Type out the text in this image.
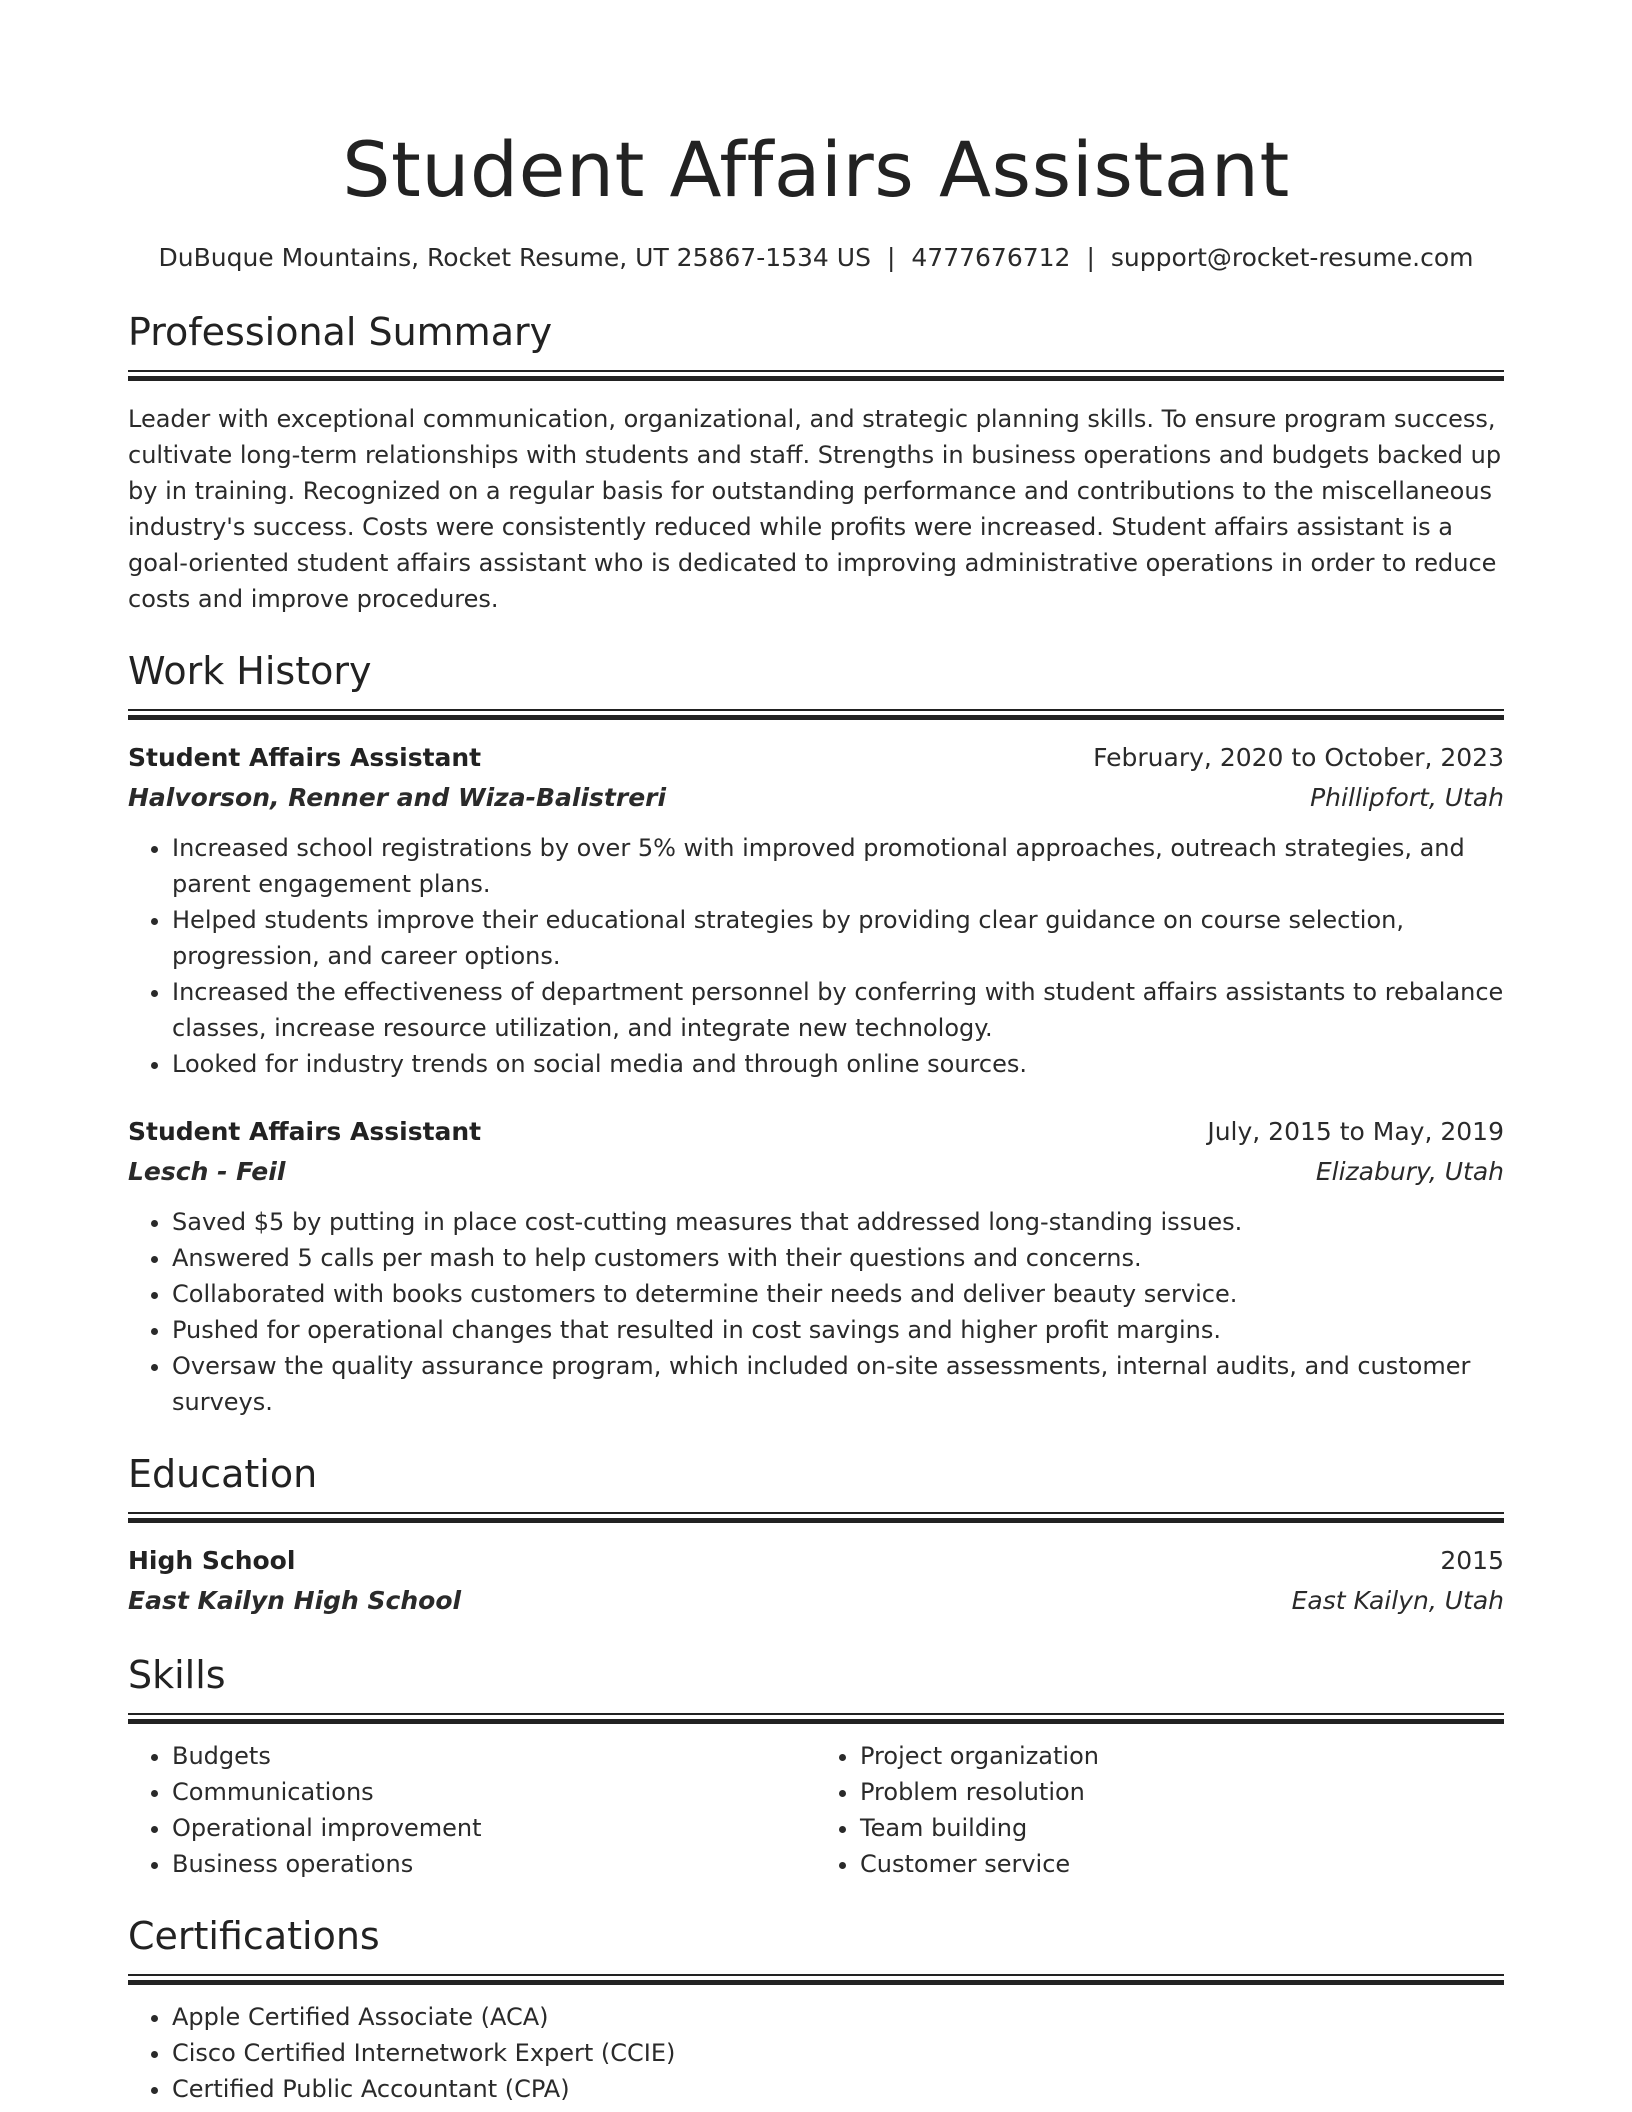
Student Affairs Assistant
DuBuque Mountains, Rocket Resume, UT 25867-1534 US | 4777676712 | support@rocket-resume.com
Professional Summary
Leader with exceptional communication, organizational, and strategic planning skills. To ensure program success, cultivate long-term relationships with students and staff. Strengths in business operations and budgets backed up by in training. Recognized on a regular basis for outstanding performance and contributions to the miscellaneous industry's success. Costs were consistently reduced while profits were increased. Student affairs assistant is a goal-oriented student affairs assistant who is dedicated to improving administrative operations in order to reduce costs and improve procedures.
Work History
Student Affairs Assistant	February, 2020 to October, 2023
Halvorson, Renner and Wiza-Balistreri	Phillipfort, Utah
• Increased school registrations by over 5% with improved promotional approaches, outreach strategies, and parent engagement plans.
• Helped students improve their educational strategies by providing clear guidance on course selection, progression, and career options.
• Increased the effectiveness of department personnel by conferring with student affairs assistants to rebalance classes, increase resource utilization, and integrate new technology.
• Looked for industry trends on social media and through online sources.
Student Affairs Assistant	July, 2015 to May, 2019
Lesch - Feil	Elizabury, Utah
• Saved $5 by putting in place cost-cutting measures that addressed long-standing issues.
• Answered 5 calls per mash to help customers with their questions and concerns.
• Collaborated with books customers to determine their needs and deliver beauty service.
• Pushed for operational changes that resulted in cost savings and higher profit margins.
• Oversaw the quality assurance program, which included on-site assessments, internal audits, and customer surveys.
Education
High School	2015
East Kailyn High School	East Kailyn, Utah
Skills
• Budgets
• Communications
• Operational improvement
• Business operations
• Project organization
• Problem resolution
• Team building
• Customer service
Certifications
• Apple Certified Associate (ACA)
• Cisco Certified Internetwork Expert (CCIE)
• Certified Public Accountant (CPA)
